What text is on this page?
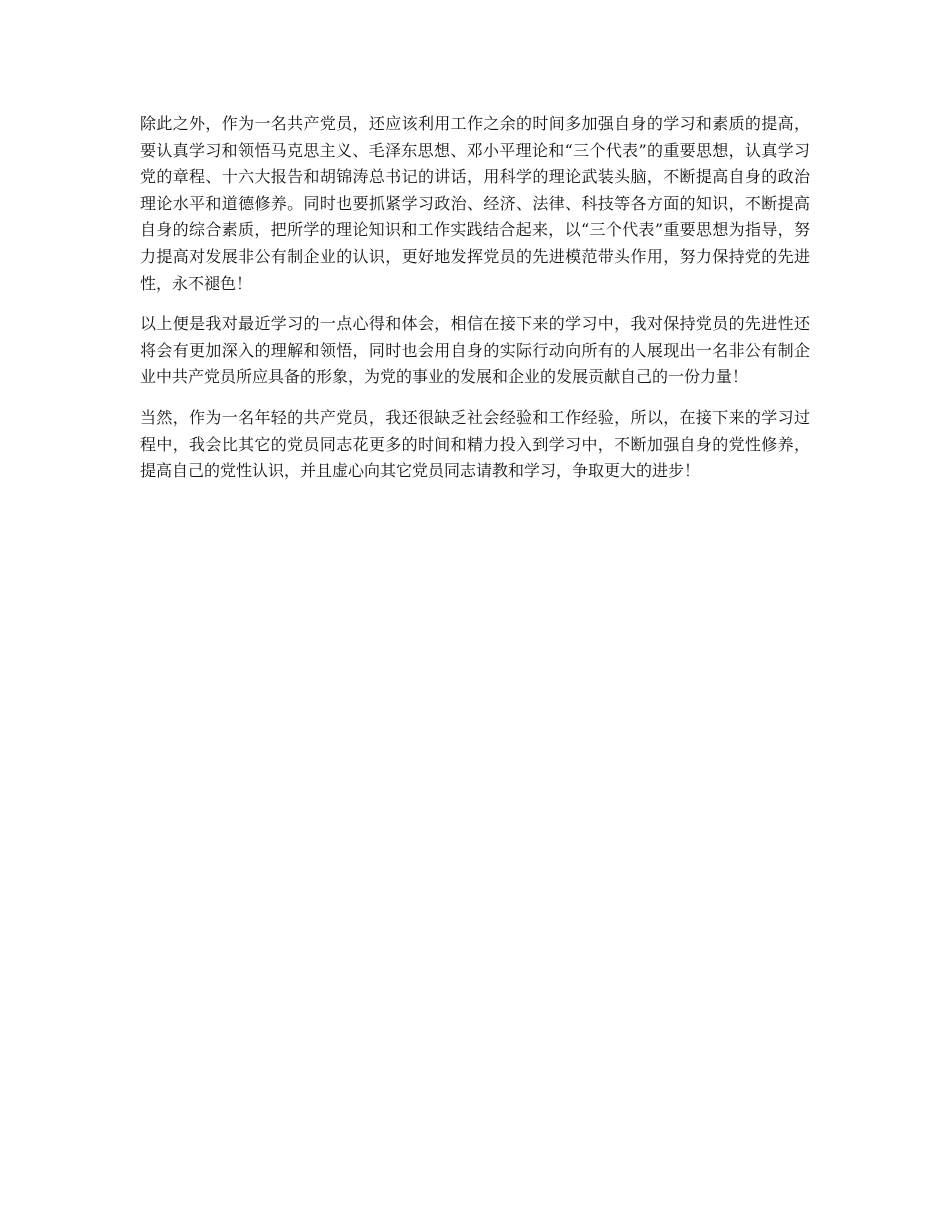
除此之外，作为一名共产党员，还应该利用工作之余的时间多加强自身的学习和素质的提高，要认真学习和领悟马克思主义、毛泽东思想、邓小平理论和“三个代表”的重要思想，认真学习党的章程、十六大报告和胡锦涛总书记的讲话，用科学的理论武装头脑，不断提高自身的政治理论水平和道德修养。同时也要抓紧学习政治、经济、法律、科技等各方面的知识，不断提高自身的综合素质，把所学的理论知识和工作实践结合起来，以“三个代表”重要思想为指导，努力提高对发展非公有制企业的认识，更好地发挥党员的先进模范带头作用，努力保持党的先进性，永不褪色！

以上便是我对最近学习的一点心得和体会，相信在接下来的学习中，我对保持党员的先进性还将会有更加深入的理解和领悟，同时也会用自身的实际行动向所有的人展现出一名非公有制企业中共产党员所应具备的形象，为党的事业的发展和企业的发展贡献自己的一份力量！

当然，作为一名年轻的共产党员，我还很缺乏社会经验和工作经验，所以，在接下来的学习过程中，我会比其它的党员同志花更多的时间和精力投入到学习中，不断加强自身的党性修养，提高自己的党性认识，并且虚心向其它党员同志请教和学习，争取更大的进步！
